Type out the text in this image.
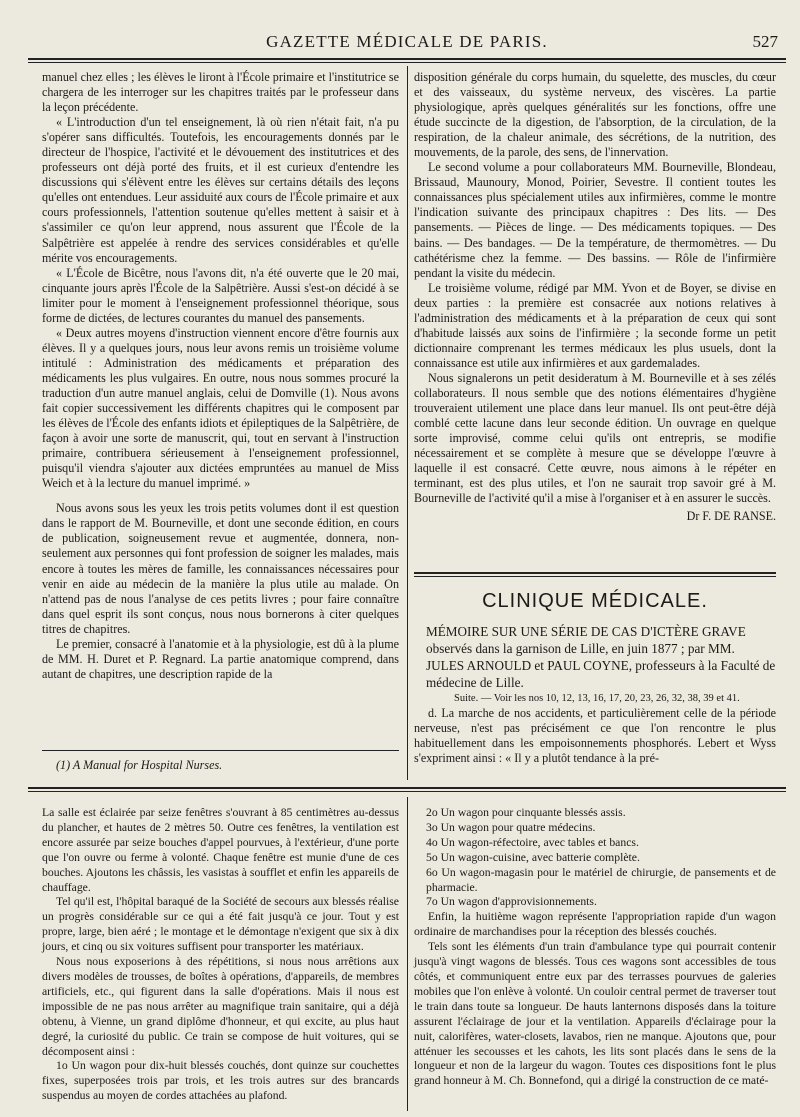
GAZETTE MÉDICALE DE PARIS.	527

manuel chez elles ; les élèves le liront à l'École primaire et l'institutrice se chargera de les interroger sur les chapitres traités par le professeur dans la leçon précédente.

« L'introduction d'un tel enseignement, là où rien n'était fait, n'a pu s'opérer sans difficultés. Toutefois, les encouragements donnés par le directeur de l'hospice, l'activité et le dévouement des institutrices et des professeurs ont déjà porté des fruits, et il est curieux d'entendre les discussions qui s'élèvent entre les élèves sur certains détails des leçons qu'elles ont entendues. Leur assiduité aux cours de l'École primaire et aux cours professionnels, l'attention soutenue qu'elles mettent à saisir et à s'assimiler ce qu'on leur apprend, nous assurent que l'École de la Salpêtrière est appelée à rendre des services considérables et qu'elle mérite vos encouragements.

« L'École de Bicêtre, nous l'avons dit, n'a été ouverte que le 20 mai, cinquante jours après l'École de la Salpêtrière. Aussi s'est-on décidé à se limiter pour le moment à l'enseignement professionnel théorique, sous forme de dictées, de lectures courantes du manuel des pansements.

« Deux autres moyens d'instruction viennent encore d'être fournis aux élèves. Il y a quelques jours, nous leur avons remis un troisième volume intitulé : Administration des médicaments et préparation des médicaments les plus vulgaires. En outre, nous nous sommes procuré la traduction d'un autre manuel anglais, celui de Domville (1). Nous avons fait copier successivement les différents chapitres qui le composent par les élèves de l'École des enfants idiots et épileptiques de la Salpêtrière, de façon à avoir une sorte de manuscrit, qui, tout en servant à l'instruction primaire, contribuera sérieusement à l'enseignement professionnel, puisqu'il viendra s'ajouter aux dictées empruntées au manuel de Miss Weich et à la lecture du manuel imprimé. »

Nous avons sous les yeux les trois petits volumes dont il est question dans le rapport de M. Bourneville, et dont une seconde édition, en cours de publication, soigneusement revue et augmentée, donnera, non-seulement aux personnes qui font profession de soigner les malades, mais encore à toutes les mères de famille, les connaissances nécessaires pour venir en aide au médecin de la manière la plus utile au malade. On n'attend pas de nous l'analyse de ces petits livres ; pour faire connaître dans quel esprit ils sont conçus, nous nous bornerons à citer quelques titres de chapitres.

Le premier, consacré à l'anatomie et à la physiologie, est dû à la plume de MM. H. Duret et P. Regnard. La partie anatomique comprend, dans autant de chapitres, une description rapide de la

(1) A Manual for Hospital Nurses.

disposition générale du corps humain, du squelette, des muscles, du cœur et des vaisseaux, du système nerveux, des viscères. La partie physiologique, après quelques généralités sur les fonctions, offre une étude succincte de la digestion, de l'absorption, de la circulation, de la respiration, de la chaleur animale, des sécrétions, de la nutrition, des mouvements, de la parole, des sens, de l'innervation.

Le second volume a pour collaborateurs MM. Bourneville, Blondeau, Brissaud, Maunoury, Monod, Poirier, Sevestre. Il contient toutes les connaissances plus spécialement utiles aux infirmières, comme le montre l'indication suivante des principaux chapitres : Des lits. — Des pansements. — Pièces de linge. — Des médicaments topiques. — Des bains. — Des bandages. — De la température, de thermomètres. — Du cathétérisme chez la femme. — Des bassins. — Rôle de l'infirmière pendant la visite du médecin.

Le troisième volume, rédigé par MM. Yvon et de Boyer, se divise en deux parties : la première est consacrée aux notions relatives à l'administration des médicaments et à la préparation de ceux qui sont d'habitude laissés aux soins de l'infirmière ; la seconde forme un petit dictionnaire comprenant les termes médicaux les plus usuels, dont la connaissance est utile aux infirmières et aux gardemalades.

Nous signalerons un petit desideratum à M. Bourneville et à ses zélés collaborateurs. Il nous semble que des notions élémentaires d'hygiène trouveraient utilement une place dans leur manuel. Ils ont peut-être déjà comblé cette lacune dans leur seconde édition. Un ouvrage en quelque sorte improvisé, comme celui qu'ils ont entrepris, se modifie nécessairement et se complète à mesure que se développe l'œuvre à laquelle il est consacré. Cette œuvre, nous aimons à le répéter en terminant, est des plus utiles, et l'on ne saurait trop savoir gré à M. Bourneville de l'activité qu'il a mise à l'organiser et à en assurer le succès.

Dr F. DE RANSE.

CLINIQUE MÉDICALE.

MÉMOIRE SUR UNE SÉRIE DE CAS D'ICTÈRE GRAVE observés dans la garnison de Lille, en juin 1877 ; par MM. JULES ARNOULD et PAUL COYNE, professeurs à la Faculté de médecine de Lille.

Suite. — Voir les nos 10, 12, 13, 16, 17, 20, 23, 26, 32, 38, 39 et 41.

d. La marche de nos accidents, et particulièrement celle de la période nerveuse, n'est pas précisément ce que l'on rencontre le plus habituellement dans les empoisonnements phosphorés. Lebert et Wyss s'expriment ainsi : « Il y a plutôt tendance à la pré-

La salle est éclairée par seize fenêtres s'ouvrant à 85 centimètres au-dessus du plancher, et hautes de 2 mètres 50. Outre ces fenêtres, la ventilation est encore assurée par seize bouches d'appel pourvues, à l'extérieur, d'une porte que l'on ouvre ou ferme à volonté. Chaque fenêtre est munie d'une de ces bouches. Ajoutons les châssis, les vasistas à soufflet et enfin les appareils de chauffage.

Tel qu'il est, l'hôpital baraqué de la Société de secours aux blessés réalise un progrès considérable sur ce qui a été fait jusqu'à ce jour. Tout y est propre, large, bien aéré ; le montage et le démontage n'exigent que six à dix jours, et cinq ou six voitures suffisent pour transporter les matériaux.

Nous nous exposerions à des répétitions, si nous nous arrêtions aux divers modèles de trousses, de boîtes à opérations, d'appareils, de membres artificiels, etc., qui figurent dans la salle d'opérations. Mais il nous est impossible de ne pas nous arrêter au magnifique train sanitaire, qui a déjà obtenu, à Vienne, un grand diplôme d'honneur, et qui excite, au plus haut degré, la curiosité du public. Ce train se compose de huit voitures, qui se décomposent ainsi :

1o Un wagon pour dix-huit blessés couchés, dont quinze sur couchettes fixes, superposées trois par trois, et les trois autres sur des brancards suspendus au moyen de cordes attachées au plafond.

2o Un wagon pour cinquante blessés assis.

3o Un wagon pour quatre médecins.

4o Un wagon-réfectoire, avec tables et bancs.

5o Un wagon-cuisine, avec batterie complète.

6o Un wagon-magasin pour le matériel de chirurgie, de pansements et de pharmacie.

7o Un wagon d'approvisionnements.

Enfin, la huitième wagon représente l'appropriation rapide d'un wagon ordinaire de marchandises pour la réception des blessés couchés.

Tels sont les éléments d'un train d'ambulance type qui pourrait contenir jusqu'à vingt wagons de blessés. Tous ces wagons sont accessibles de tous côtés, et communiquent entre eux par des terrasses pourvues de galeries mobiles que l'on enlève à volonté. Un couloir central permet de traverser tout le train dans toute sa longueur. De hauts lanternons disposés dans la toiture assurent l'éclairage de jour et la ventilation. Appareils d'éclairage pour la nuit, calorifères, water-closets, lavabos, rien ne manque. Ajoutons que, pour atténuer les secousses et les cahots, les lits sont placés dans le sens de la longueur et non de la largeur du wagon. Toutes ces dispositions font le plus grand honneur à M. Ch. Bonnefond, qui a dirigé la construction de ce maté-
